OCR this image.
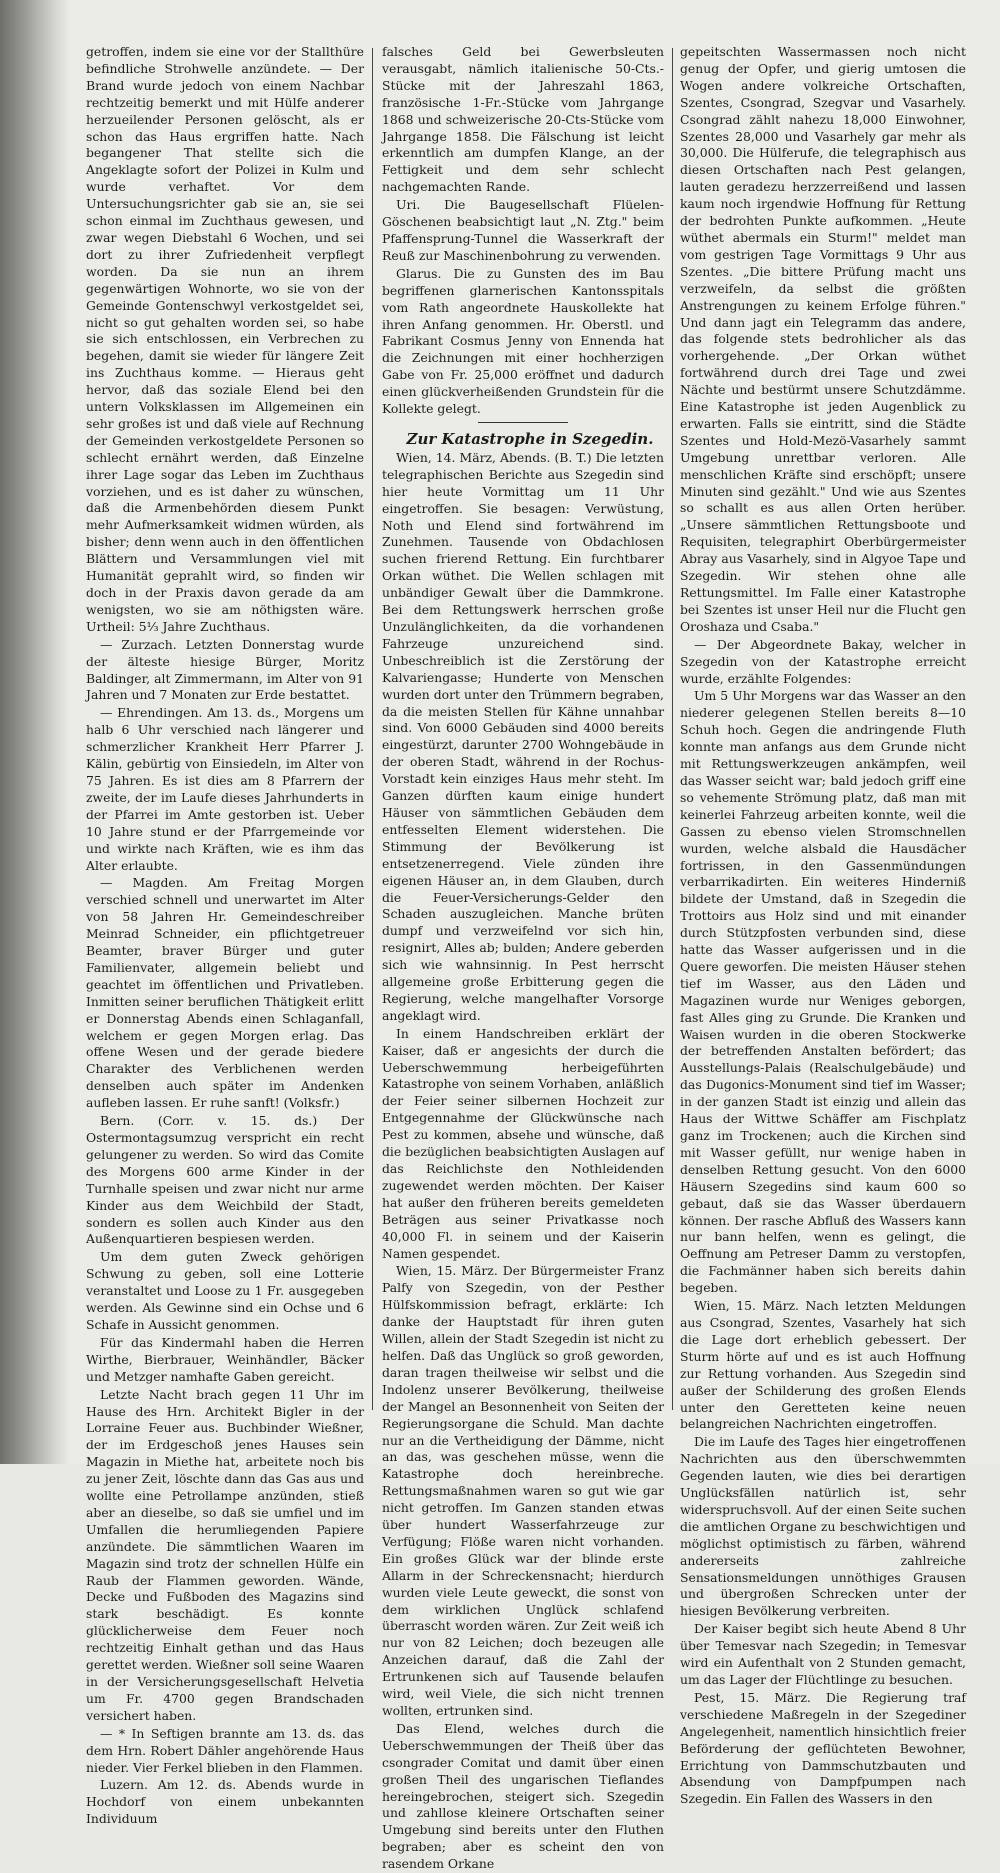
getroffen, indem sie eine vor der Stallthüre befindliche Strohwelle anzündete. — Der Brand wurde jedoch von einem Nachbar rechtzeitig bemerkt und mit Hülfe anderer herzueilender Personen gelöscht, als er schon das Haus ergriffen hatte. Nach begangener That stellte sich die Angeklagte sofort der Polizei in Kulm und wurde verhaftet. Vor dem Untersuchungsrichter gab sie an, sie sei schon einmal im Zuchthaus gewesen, und zwar wegen Diebstahl 6 Wochen, und sei dort zu ihrer Zufriedenheit verpflegt worden. Da sie nun an ihrem gegenwärtigen Wohnorte, wo sie von der Gemeinde Gontenschwyl verkostgeldet sei, nicht so gut gehalten worden sei, so habe sie sich entschlossen, ein Verbrechen zu begehen, damit sie wieder für längere Zeit ins Zuchthaus komme. — Hieraus geht hervor, daß das soziale Elend bei den untern Volksklassen im Allgemeinen ein sehr großes ist und daß viele auf Rechnung der Gemeinden verkostgeldete Personen so schlecht ernährt werden, daß Einzelne ihrer Lage sogar das Leben im Zuchthaus vorziehen, und es ist daher zu wünschen, daß die Armenbehörden diesem Punkt mehr Aufmerksamkeit widmen würden, als bisher; denn wenn auch in den öffentlichen Blättern und Versammlungen viel mit Humanität geprahlt wird, so finden wir doch in der Praxis davon gerade da am wenigsten, wo sie am nöthigsten wäre. Urtheil: 5⅓ Jahre Zuchthaus.

— Zurzach. Letzten Donnerstag wurde der älteste hiesige Bürger, Moritz Baldinger, alt Zimmermann, im Alter von 91 Jahren und 7 Monaten zur Erde bestattet.

— Ehrendingen. Am 13. ds., Morgens um halb 6 Uhr verschied nach längerer und schmerzlicher Krankheit Herr Pfarrer J. Kälin, gebürtig von Einsiedeln, im Alter von 75 Jahren. Es ist dies am 8 Pfarrern der zweite, der im Laufe dieses Jahrhunderts in der Pfarrei im Amte gestorben ist. Ueber 10 Jahre stund er der Pfarrgemeinde vor und wirkte nach Kräften, wie es ihm das Alter erlaubte.

— Magden. Am Freitag Morgen verschied schnell und unerwartet im Alter von 58 Jahren Hr. Gemeindeschreiber Meinrad Schneider, ein pflichtgetreuer Beamter, braver Bürger und guter Familienvater, allgemein beliebt und geachtet im öffentlichen und Privatleben. Inmitten seiner beruflichen Thätigkeit erlitt er Donnerstag Abends einen Schlaganfall, welchem er gegen Morgen erlag. Das offene Wesen und der gerade biedere Charakter des Verblichenen werden denselben auch später im Andenken aufleben lassen. Er ruhe sanft! (Volksfr.)

Bern. (Corr. v. 15. ds.) Der Ostermontagsumzug verspricht ein recht gelungener zu werden. So wird das Comite des Morgens 600 arme Kinder in der Turnhalle speisen und zwar nicht nur arme Kinder aus dem Weichbild der Stadt, sondern es sollen auch Kinder aus den Außenquartieren bespiesen werden.

Um dem guten Zweck gehörigen Schwung zu geben, soll eine Lotterie veranstaltet und Loose zu 1 Fr. ausgegeben werden. Als Gewinne sind ein Ochse und 6 Schafe in Aussicht genommen.

Für das Kindermahl haben die Herren Wirthe, Bierbrauer, Weinhändler, Bäcker und Metzger namhafte Gaben gereicht.

Letzte Nacht brach gegen 11 Uhr im Hause des Hrn. Architekt Bigler in der Lorraine Feuer aus. Buchbinder Wießner, der im Erdgeschoß jenes Hauses sein Magazin in Miethe hat, arbeitete noch bis zu jener Zeit, löschte dann das Gas aus und wollte eine Petrollampe anzünden, stieß aber an dieselbe, so daß sie umfiel und im Umfallen die herumliegenden Papiere anzündete. Die sämmtlichen Waaren im Magazin sind trotz der schnellen Hülfe ein Raub der Flammen geworden. Wände, Decke und Fußboden des Magazins sind stark beschädigt. Es konnte glücklicherweise dem Feuer noch rechtzeitig Einhalt gethan und das Haus gerettet werden. Wießner soll seine Waaren in der Versicherungsgesellschaft Helvetia um Fr. 4700 gegen Brandschaden versichert haben.

— * In Seftigen brannte am 13. ds. das dem Hrn. Robert Dähler angehörende Haus nieder. Vier Ferkel blieben in den Flammen.

Luzern. Am 12. ds. Abends wurde in Hochdorf von einem unbekannten Individuum

falsches Geld bei Gewerbsleuten verausgabt, nämlich italienische 50-Cts.-Stücke mit der Jahreszahl 1863, französische 1-Fr.-Stücke vom Jahrgange 1868 und schweizerische 20-Cts-Stücke vom Jahrgange 1858. Die Fälschung ist leicht erkenntlich am dumpfen Klange, an der Fettigkeit und dem sehr schlecht nachgemachten Rande.

Uri. Die Baugesellschaft Flüelen-Göschenen beabsichtigt laut „N. Ztg." beim Pfaffensprung-Tunnel die Wasserkraft der Reuß zur Maschinenbohrung zu verwenden.

Glarus. Die zu Gunsten des im Bau begriffenen glarnerischen Kantonsspitals vom Rath angeordnete Hauskollekte hat ihren Anfang genommen. Hr. Oberstl. und Fabrikant Cosmus Jenny von Ennenda hat die Zeichnungen mit einer hochherzigen Gabe von Fr. 25,000 eröffnet und dadurch einen glückverheißenden Grundstein für die Kollekte gelegt.

Zur Katastrophe in Szegedin.

Wien, 14. März, Abends. (B. T.) Die letzten telegraphischen Berichte aus Szegedin sind hier heute Vormittag um 11 Uhr eingetroffen. Sie besagen: Verwüstung, Noth und Elend sind fortwährend im Zunehmen. Tausende von Obdachlosen suchen frierend Rettung. Ein furchtbarer Orkan wüthet. Die Wellen schlagen mit unbändiger Gewalt über die Dammkrone. Bei dem Rettungswerk herrschen große Unzulänglichkeiten, da die vorhandenen Fahrzeuge unzureichend sind. Unbeschreiblich ist die Zerstörung der Kalvariengasse; Hunderte von Menschen wurden dort unter den Trümmern begraben, da die meisten Stellen für Kähne unnahbar sind. Von 6000 Gebäuden sind 4000 bereits eingestürzt, darunter 2700 Wohngebäude in der oberen Stadt, während in der Rochus-Vorstadt kein einziges Haus mehr steht. Im Ganzen dürften kaum einige hundert Häuser von sämmtlichen Gebäuden dem entfesselten Element widerstehen. Die Stimmung der Bevölkerung ist entsetzenerregend. Viele zünden ihre eigenen Häuser an, in dem Glauben, durch die Feuer-Versicherungs-Gelder den Schaden auszugleichen. Manche brüten dumpf und verzweifelnd vor sich hin, resignirt, Alles ab; bulden; Andere geberden sich wie wahnsinnig. In Pest herrscht allgemeine große Erbitterung gegen die Regierung, welche mangelhafter Vorsorge angeklagt wird.

In einem Handschreiben erklärt der Kaiser, daß er angesichts der durch die Ueberschwemmung herbeigeführten Katastrophe von seinem Vorhaben, anläßlich der Feier seiner silbernen Hochzeit zur Entgegennahme der Glückwünsche nach Pest zu kommen, absehe und wünsche, daß die bezüglichen beabsichtigten Auslagen auf das Reichlichste den Nothleidenden zugewendet werden möchten. Der Kaiser hat außer den früheren bereits gemeldeten Beträgen aus seiner Privatkasse noch 40,000 Fl. in seinem und der Kaiserin Namen gespendet.

Wien, 15. März. Der Bürgermeister Franz Palfy von Szegedin, von der Pesther Hülfskommission befragt, erklärte: Ich danke der Hauptstadt für ihren guten Willen, allein der Stadt Szegedin ist nicht zu helfen. Daß das Unglück so groß geworden, daran tragen theilweise wir selbst und die Indolenz unserer Bevölkerung, theilweise der Mangel an Besonnenheit von Seiten der Regierungsorgane die Schuld. Man dachte nur an die Vertheidigung der Dämme, nicht an das, was geschehen müsse, wenn die Katastrophe doch hereinbreche. Rettungsmaßnahmen waren so gut wie gar nicht getroffen. Im Ganzen standen etwas über hundert Wasserfahrzeuge zur Verfügung; Flöße waren nicht vorhanden. Ein großes Glück war der blinde erste Allarm in der Schreckensnacht; hierdurch wurden viele Leute geweckt, die sonst von dem wirklichen Unglück schlafend überrascht worden wären. Zur Zeit weiß ich nur von 82 Leichen; doch bezeugen alle Anzeichen darauf, daß die Zahl der Ertrunkenen sich auf Tausende belaufen wird, weil Viele, die sich nicht trennen wollten, ertrunken sind.

Das Elend, welches durch die Ueberschwemmungen der Theiß über das csongrader Comitat und damit über einen großen Theil des ungarischen Tieflandes hereingebrochen, steigert sich. Szegedin und zahllose kleinere Ortschaften seiner Umgebung sind bereits unter den Fluthen begraben; aber es scheint den von rasendem Orkane

gepeitschten Wassermassen noch nicht genug der Opfer, und gierig umtosen die Wogen andere volkreiche Ortschaften, Szentes, Csongrad, Szegvar und Vasarhely. Csongrad zählt nahezu 18,000 Einwohner, Szentes 28,000 und Vasarhely gar mehr als 30,000. Die Hülferufe, die telegraphisch aus diesen Ortschaften nach Pest gelangen, lauten geradezu herzzerreißend und lassen kaum noch irgendwie Hoffnung für Rettung der bedrohten Punkte aufkommen. „Heute wüthet abermals ein Sturm!" meldet man vom gestrigen Tage Vormittags 9 Uhr aus Szentes. „Die bittere Prüfung macht uns verzweifeln, da selbst die größten Anstrengungen zu keinem Erfolge führen." Und dann jagt ein Telegramm das andere, das folgende stets bedrohlicher als das vorhergehende. „Der Orkan wüthet fortwährend durch drei Tage und zwei Nächte und bestürmt unsere Schutzdämme. Eine Katastrophe ist jeden Augenblick zu erwarten. Falls sie eintritt, sind die Städte Szentes und Hold-Mezö-Vasarhely sammt Umgebung unrettbar verloren. Alle menschlichen Kräfte sind erschöpft; unsere Minuten sind gezählt." Und wie aus Szentes so schallt es aus allen Orten herüber. „Unsere sämmtlichen Rettungsboote und Requisiten, telegraphirt Oberbürgermeister Abray aus Vasarhely, sind in Algyoe Tape und Szegedin. Wir stehen ohne alle Rettungsmittel. Im Falle einer Katastrophe bei Szentes ist unser Heil nur die Flucht gen Oroshaza und Csaba."

— Der Abgeordnete Bakay, welcher in Szegedin von der Katastrophe erreicht wurde, erzählte Folgendes:

Um 5 Uhr Morgens war das Wasser an den niederer gelegenen Stellen bereits 8—10 Schuh hoch. Gegen die andringende Fluth konnte man anfangs aus dem Grunde nicht mit Rettungswerkzeugen ankämpfen, weil das Wasser seicht war; bald jedoch griff eine so vehemente Strömung platz, daß man mit keinerlei Fahrzeug arbeiten konnte, weil die Gassen zu ebenso vielen Stromschnellen wurden, welche alsbald die Hausdächer fortrissen, in den Gassenmündungen verbarrikadirten. Ein weiteres Hinderniß bildete der Umstand, daß in Szegedin die Trottoirs aus Holz sind und mit einander durch Stützpfosten verbunden sind, diese hatte das Wasser aufgerissen und in die Quere geworfen. Die meisten Häuser stehen tief im Wasser, aus den Läden und Magazinen wurde nur Weniges geborgen, fast Alles ging zu Grunde. Die Kranken und Waisen wurden in die oberen Stockwerke der betreffenden Anstalten befördert; das Ausstellungs-Palais (Realschulgebäude) und das Dugonics-Monument sind tief im Wasser; in der ganzen Stadt ist einzig und allein das Haus der Wittwe Schäffer am Fischplatz ganz im Trockenen; auch die Kirchen sind mit Wasser gefüllt, nur wenige haben in denselben Rettung gesucht. Von den 6000 Häusern Szegedins sind kaum 600 so gebaut, daß sie das Wasser überdauern können. Der rasche Abfluß des Wassers kann nur bann helfen, wenn es gelingt, die Oeffnung am Petreser Damm zu verstopfen, die Fachmänner haben sich bereits dahin begeben.

Wien, 15. März. Nach letzten Meldungen aus Csongrad, Szentes, Vasarhely hat sich die Lage dort erheblich gebessert. Der Sturm hörte auf und es ist auch Hoffnung zur Rettung vorhanden. Aus Szegedin sind außer der Schilderung des großen Elends unter den Geretteten keine neuen belangreichen Nachrichten eingetroffen.

Die im Laufe des Tages hier eingetroffenen Nachrichten aus den überschwemmten Gegenden lauten, wie dies bei derartigen Unglücksfällen natürlich ist, sehr widerspruchsvoll. Auf der einen Seite suchen die amtlichen Organe zu beschwichtigen und möglichst optimistisch zu färben, während andererseits zahlreiche Sensationsmeldungen unnöthiges Grausen und übergroßen Schrecken unter der hiesigen Bevölkerung verbreiten.

Der Kaiser begibt sich heute Abend 8 Uhr über Temesvar nach Szegedin; in Temesvar wird ein Aufenthalt von 2 Stunden gemacht, um das Lager der Flüchtlinge zu besuchen.

Pest, 15. März. Die Regierung traf verschiedene Maßregeln in der Szegediner Angelegenheit, namentlich hinsichtlich freier Beförderung der geflüchteten Bewohner, Errichtung von Dammschutzbauten und Absendung von Dampfpumpen nach Szegedin. Ein Fallen des Wassers in den
